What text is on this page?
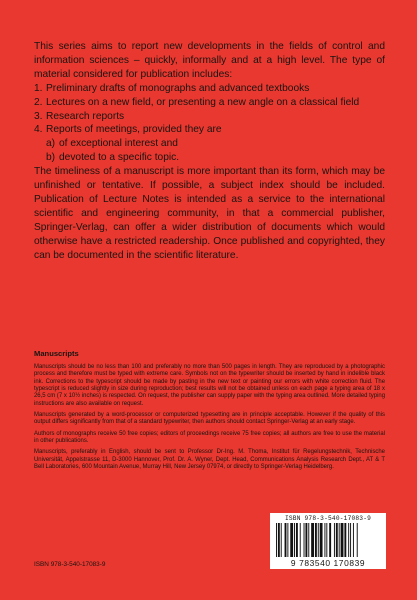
This series aims to report new developments in the fields of control and information sciences – quickly, informally and at a high level. The type of material considered for publication includes:

1. Preliminary drafts of monographs and advanced textbooks
2. Lectures on a new field, or presenting a new angle on a classical field
3. Research reports
4. Reports of meetings, provided they are
a) of exceptional interest and
b) devoted to a specific topic.

The timeliness of a manuscript is more important than its form, which may be unfinished or tentative. If possible, a subject index should be included. Publication of Lecture Notes is intended as a service to the international scientific and engineering community, in that a commercial publisher, Springer-Verlag, can offer a wider distribution of documents which would otherwise have a restricted readership. Once published and copyrighted, they can be documented in the scientific literature.

Manuscripts

Manuscripts should be no less than 100 and preferably no more than 500 pages in length. They are reproduced by a photographic process and therefore must be typed with extreme care. Symbols not on the typewriter should be inserted by hand in indelible black ink. Corrections to the typescript should be made by pasting in the new text or painting our errors with white correction fluid. The typescript is reduced slightly in size during reproduction; best results will not be obtained unless on each page a typing area of 18 x 26,5 cm (7 x 10½ inches) is respected. On request, the publisher can supply paper with the typing area outlined. More detailed typing instructions are also available on request.

Manuscripts generated by a word-processor or computerized typesetting are in principle acceptable. However if the quality of this output differs significantly from that of a standard typewriter, then authors should contact Springer-Verlag at an early stage.

Authors of monographs receive 50 free copies; editors of proceedings receive 75 free copies; all authors are free to use the material in other publications.

Manuscripts, preferably in English, should be sent to Professor Dr-Ing. M. Thoma, Institut für Regelungstechnik, Technische Universität, Appelstrasse 11, D-3000 Hannover, Prof. Dr. A. Wyner, Dept. Head, Communications Analysis Research Dept., AT & T Bell Laboratories, 600 Mountain Avenue, Murray Hill, New Jersey 07974, or directly to Springer-Verlag Heidelberg.

ISBN 978-3-540-17083-9
9 783540 170839
ISBN 978-3-540-17083-9
